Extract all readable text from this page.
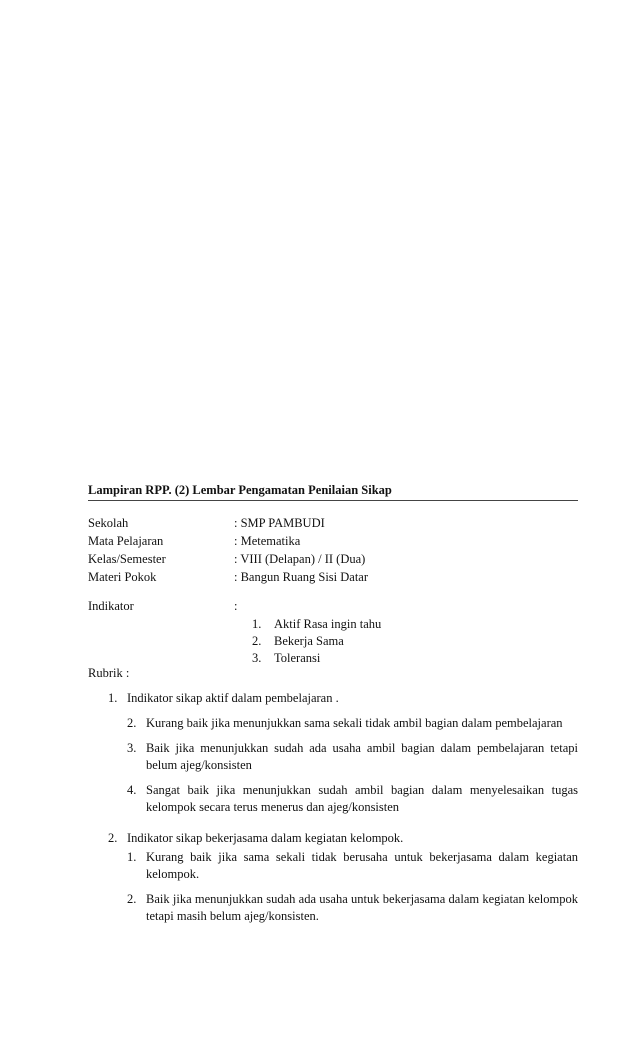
Lampiran RPP. (2) Lembar Pengamatan Penilaian Sikap
Sekolah	: SMP PAMBUDI
Mata Pelajaran	: Metematika
Kelas/Semester	: VIII (Delapan) / II (Dua)
Materi Pokok	: Bangun Ruang Sisi Datar
Indikator	:
1.	Aktif Rasa ingin tahu
2.	Bekerja Sama
3.	Toleransi
Rubrik :
1. Indikator sikap aktif dalam pembelajaran .
2. Kurang baik jika menunjukkan sama sekali tidak ambil bagian dalam pembelajaran
3. Baik jika menunjukkan sudah ada usaha ambil bagian dalam pembelajaran tetapi belum ajeg/konsisten
4. Sangat baik jika menunjukkan sudah ambil bagian dalam menyelesaikan tugas kelompok secara terus menerus dan ajeg/konsisten
2. Indikator sikap bekerjasama dalam kegiatan kelompok.
1. Kurang baik jika sama sekali tidak berusaha untuk bekerjasama dalam kegiatan kelompok.
2. Baik jika menunjukkan sudah ada usaha untuk bekerjasama dalam kegiatan kelompok tetapi masih belum ajeg/konsisten.
